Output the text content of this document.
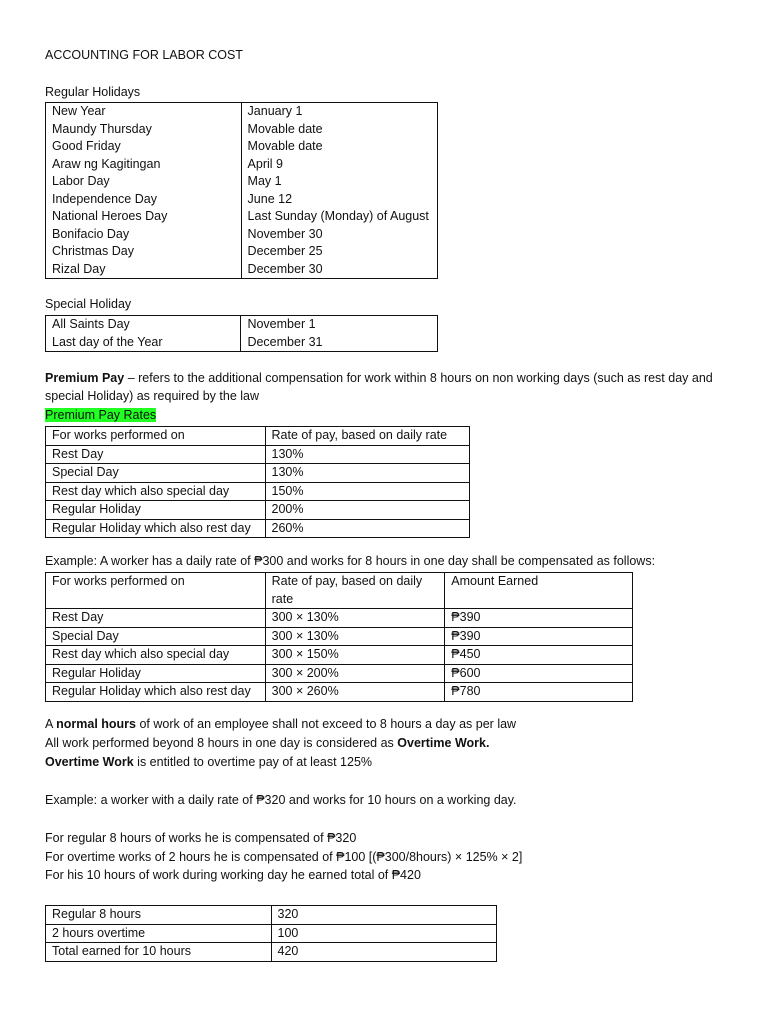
ACCOUNTING FOR LABOR COST

Regular Holidays

New Year	January 1
Maundy Thursday	Movable date
Good Friday	Movable date
Araw ng Kagitingan	April 9
Labor Day	May 1
Independence Day	June 12
National Heroes Day	Last Sunday (Monday) of August
Bonifacio Day	November 30
Christmas Day	December 25
Rizal Day	December 30

Special Holiday

All Saints Day	November 1
Last day of the Year	December 31

Premium Pay – refers to the additional compensation for work within 8 hours on non working days (such as rest day and

special Holiday) as required by the law

Premium Pay Rates

For works performed on	Rate of pay, based on daily rate
Rest Day	130%
Special Day	130%
Rest day which also special day	150%
Regular Holiday	200%
Regular Holiday which also rest day	260%

Example: A worker has a daily rate of ₱300 and works for 8 hours in one day shall be compensated as follows:

For works performed on	Rate of pay, based on daily rate	Amount Earned
Rest Day	300 × 130%	₱390
Special Day	300 × 130%	₱390
Rest day which also special day	300 × 150%	₱450
Regular Holiday	300 × 200%	₱600
Regular Holiday which also rest day	300 × 260%	₱780

A normal hours of work of an employee shall not exceed to 8 hours a day as per law

All work performed beyond 8 hours in one day is considered as Overtime Work.

Overtime Work is entitled to overtime pay of at least 125%

Example: a worker with a daily rate of ₱320 and works for 10 hours on a working day.

For regular 8 hours of works he is compensated of ₱320

For overtime works of 2 hours he is compensated of ₱100 [(₱300/8hours) × 125% × 2]

For his 10 hours of work during working day he earned total of ₱420

Regular 8 hours	320
2 hours overtime	100
Total earned for 10 hours	420
